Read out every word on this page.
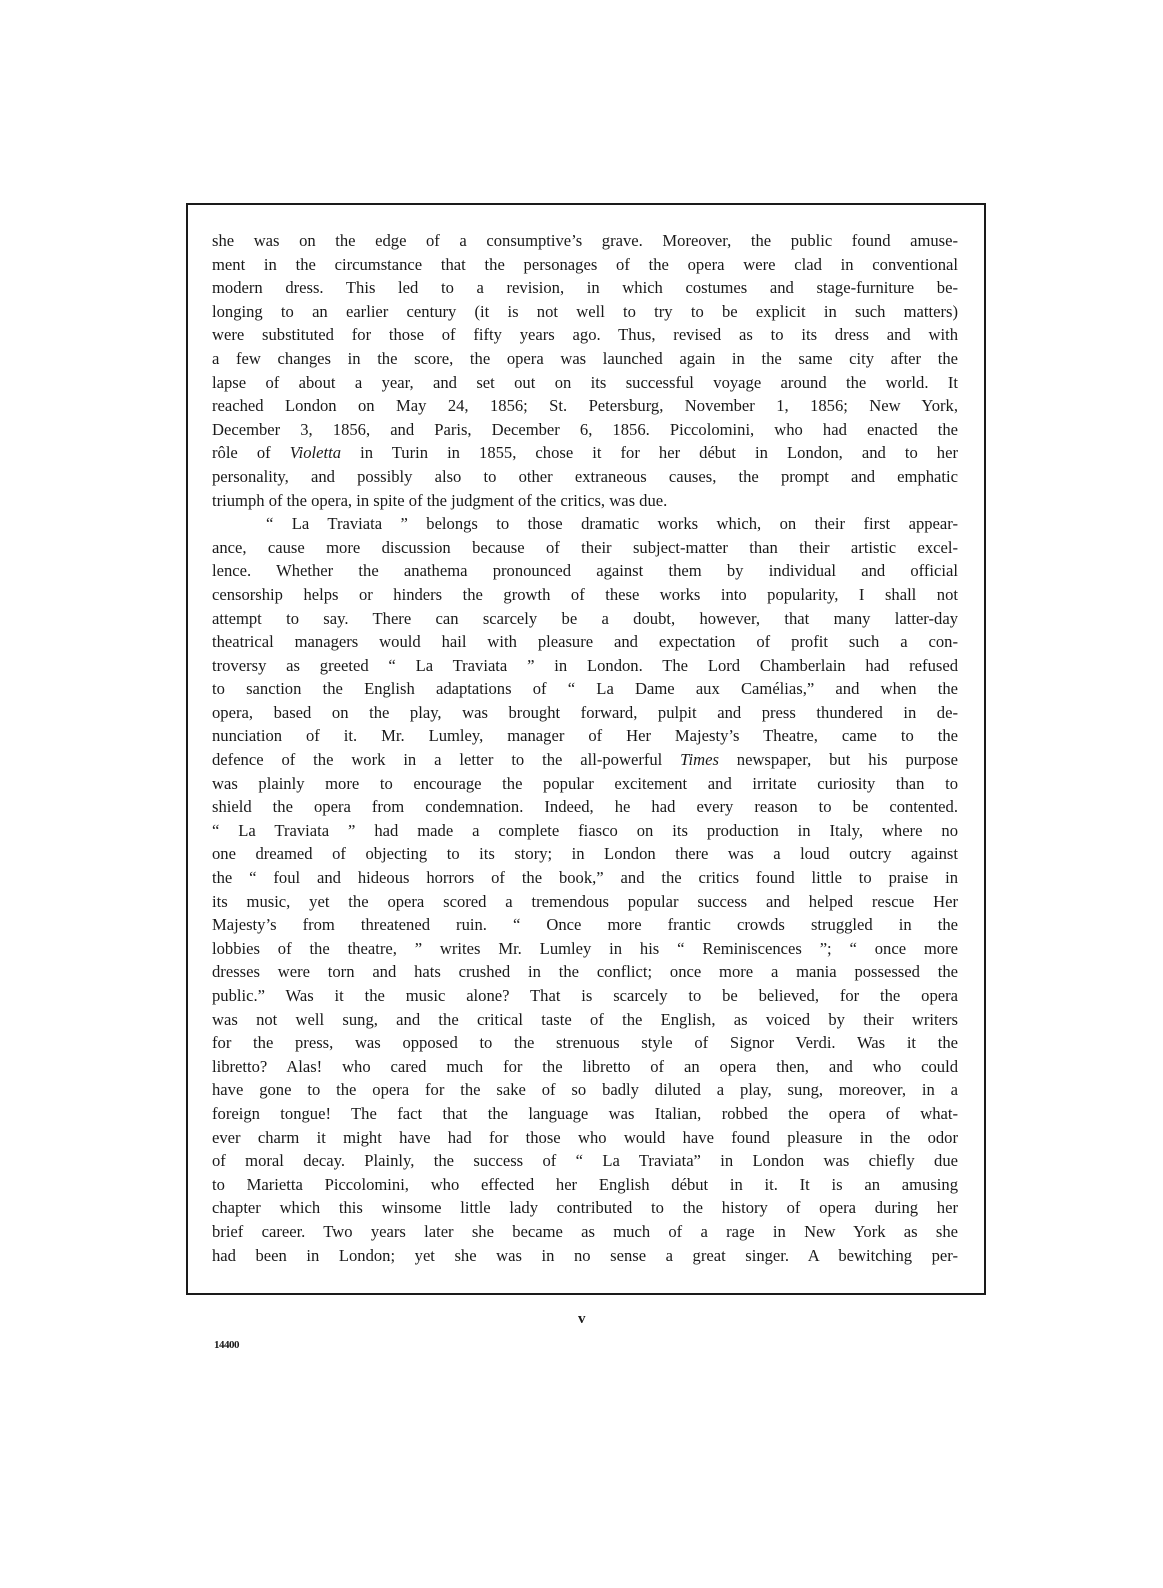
she was on the edge of a consumptive’s grave. Moreover, the public found amuse-

ment in the circumstance that the personages of the opera were clad in conventional

modern dress. This led to a revision, in which costumes and stage-furniture be-

longing to an earlier century (it is not well to try to be explicit in such matters)

were substituted for those of fifty years ago. Thus, revised as to its dress and with

a few changes in the score, the opera was launched again in the same city after the

lapse of about a year, and set out on its successful voyage around the world. It

reached London on May 24, 1856; St. Petersburg, November 1, 1856; New York,

December 3, 1856, and Paris, December 6, 1856. Piccolomini, who had enacted the

rôle of Violetta in Turin in 1855, chose it for her début in London, and to her

personality, and possibly also to other extraneous causes, the prompt and emphatic

triumph of the opera, in spite of the judgment of the critics, was due.

“ La Traviata ” belongs to those dramatic works which, on their first appear-

ance, cause more discussion because of their subject-matter than their artistic excel-

lence. Whether the anathema pronounced against them by individual and official

censorship helps or hinders the growth of these works into popularity, I shall not

attempt to say. There can scarcely be a doubt, however, that many latter-day

theatrical managers would hail with pleasure and expectation of profit such a con-

troversy as greeted “ La Traviata ” in London. The Lord Chamberlain had refused

to sanction the English adaptations of “ La Dame aux Camélias,” and when the

opera, based on the play, was brought forward, pulpit and press thundered in de-

nunciation of it. Mr. Lumley, manager of Her Majesty’s Theatre, came to the

defence of the work in a letter to the all-powerful Times newspaper, but his purpose

was plainly more to encourage the popular excitement and irritate curiosity than to

shield the opera from condemnation. Indeed, he had every reason to be contented.

“ La Traviata ” had made a complete fiasco on its production in Italy, where no

one dreamed of objecting to its story; in London there was a loud outcry against

the “ foul and hideous horrors of the book,” and the critics found little to praise in

its music, yet the opera scored a tremendous popular success and helped rescue Her

Majesty’s from threatened ruin. “ Once more frantic crowds struggled in the

lobbies of the theatre, ” writes Mr. Lumley in his “ Reminiscences ”; “ once more

dresses were torn and hats crushed in the conflict; once more a mania possessed the

public.” Was it the music alone? That is scarcely to be believed, for the opera

was not well sung, and the critical taste of the English, as voiced by their writers

for the press, was opposed to the strenuous style of Signor Verdi. Was it the

libretto? Alas! who cared much for the libretto of an opera then, and who could

have gone to the opera for the sake of so badly diluted a play, sung, moreover, in a

foreign tongue! The fact that the language was Italian, robbed the opera of what-

ever charm it might have had for those who would have found pleasure in the odor

of moral decay. Plainly, the success of “ La Traviata” in London was chiefly due

to Marietta Piccolomini, who effected her English début in it. It is an amusing

chapter which this winsome little lady contributed to the history of opera during her

brief career. Two years later she became as much of a rage in New York as she

had been in London; yet she was in no sense a great singer. A bewitching per-

v
14400
